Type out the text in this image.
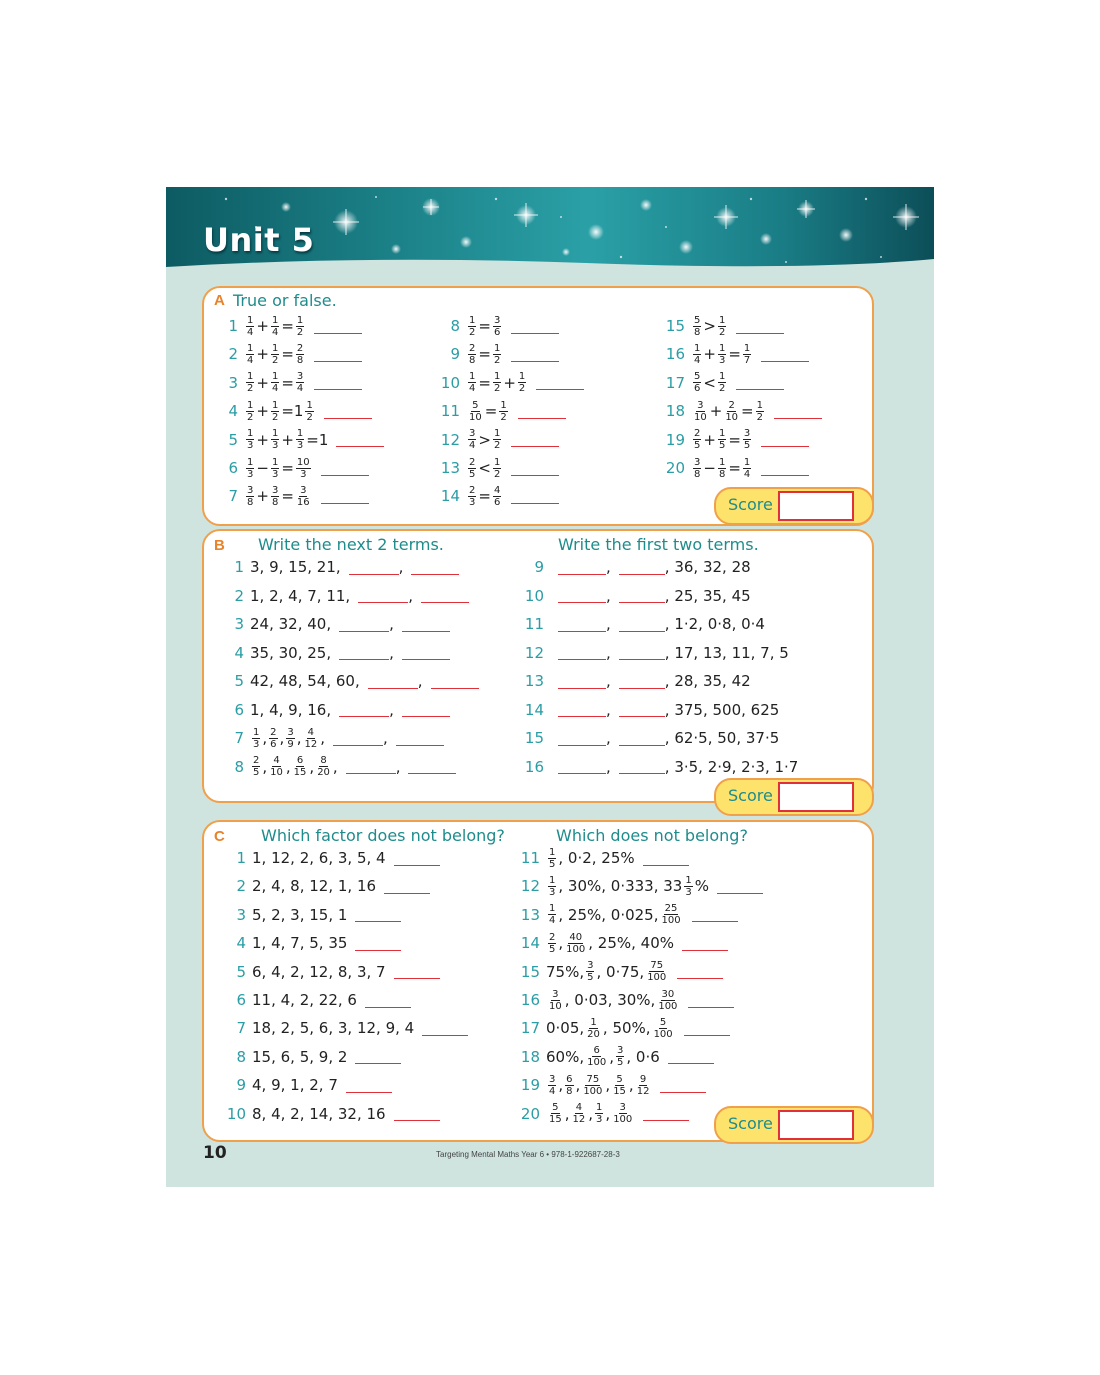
Unit 5
A True or false.
$1 \frac{1}{4} + \frac{1}{4} = \frac{1}{2}$
$2 \frac{1}{4} + \frac{1}{2} = \frac{2}{8}$
$3 \frac{1}{2} + \frac{1}{4} = \frac{3}{4}$
$4 \frac{1}{2} + \frac{1}{2} = 1 \frac{1}{2}$
$5 \frac{1}{3} + \frac{1}{3} + \frac{1}{3} = 1$
$6 \frac{1}{3} - \frac{1}{3} = \frac{10}{3}$
$7 \frac{3}{8} + \frac{3}{8} = \frac{3}{16}$
$8 \frac{1}{2} = \frac{3}{6}$
$9 \frac{2}{8} = \frac{1}{2}$
$10 \frac{1}{4} = \frac{1}{2} + \frac{1}{2}$
$11 \frac{5}{10} = \frac{1}{2}$
$12 \frac{3}{4} > \frac{1}{2}$
$13 \frac{2}{5} < \frac{1}{2}$
$14 \frac{2}{3} = \frac{4}{6}$
$15 \frac{5}{8} > \frac{1}{2}$
$16 \frac{1}{4} + \frac{1}{3} = \frac{1}{7}$
$17 \frac{5}{6} < \frac{1}{2}$
$18 \frac{3}{10} + \frac{2}{10} = \frac{1}{2}$
$19 \frac{2}{5} + \frac{1}{5} = \frac{3}{5}$
$20 \frac{3}{8} - \frac{1}{8} = \frac{1}{4}$
Score
B Write the next 2 terms.	Write the first two terms.
1 3, 9, 15, 21,	,
2 1, 2, 4, 7, 11,	,
3 24, 32, 40,	,
4 35, 30, 25,	,
5 42, 48, 54, 60,	,
6 1, 4, 9, 16,	,
$7 \frac{1}{3}$ , $\frac{2}{6}$ , $\frac{3}{9}$ , $\frac{4}{12}$ ,	,
$8 \frac{2}{5}$ , $\frac{4}{10}$ , $\frac{6}{15}$ , $\frac{8}{20}$ ,	,
9	,	, 36, 32, 28
10	,	, 25, 35, 45
11	,	, 1·2, 0·8, 0·4
12	,	, 17, 13, 11, 7, 5
13	,	, 28, 35, 42
14	,	, 375, 500, 625
15	,	, 62·5, 50, 37·5
16	,	, 3·5, 2·9, 2·3, 1·7
Score
C Which factor does not belong?	Which does not belong?
1 1, 12, 2, 6, 3, 5, 4
2 2, 4, 8, 12, 1, 16
3 5, 2, 3, 15, 1
4 1, 4, 7, 5, 35
5 6, 4, 2, 12, 8, 3, 7
6 11, 4, 2, 22, 6
7 18, 2, 5, 6, 3, 12, 9, 4
8 15, 6, 5, 9, 2
9 4, 9, 1, 2, 7
10 8, 4, 2, 14, 32, 16
$11 \frac{1}{5}$ , 0·2, 25%
$12 \frac{1}{3}$ , 30%, 0·333, $33 \frac{1}{3}$ %
$13 \frac{1}{4}$ , 25%, 0·025, $\frac{25}{100}$
$14 \frac{2}{5}$ , $\frac{40}{100}$ , 25%, 40%
15 75%, $\frac{3}{5}$ , 0·75, $\frac{75}{100}$
$16 \frac{3}{10}$ , 0·03, 30%, $\frac{30}{100}$
17 0·05, $\frac{1}{20}$ , 50%, $\frac{5}{100}$
18 60%, $\frac{6}{100}$ , $\frac{3}{5}$ , 0·6
$19 \frac{3}{4}$ , $\frac{6}{8}$ , $\frac{75}{100}$ , $\frac{5}{15}$ , $\frac{9}{12}$
$20 \frac{5}{15}$ , $\frac{4}{12}$ , $\frac{1}{3}$ , $\frac{3}{100}$	Score
10	Targeting Mental Maths Year 6 • 978-1-922687-28-3
